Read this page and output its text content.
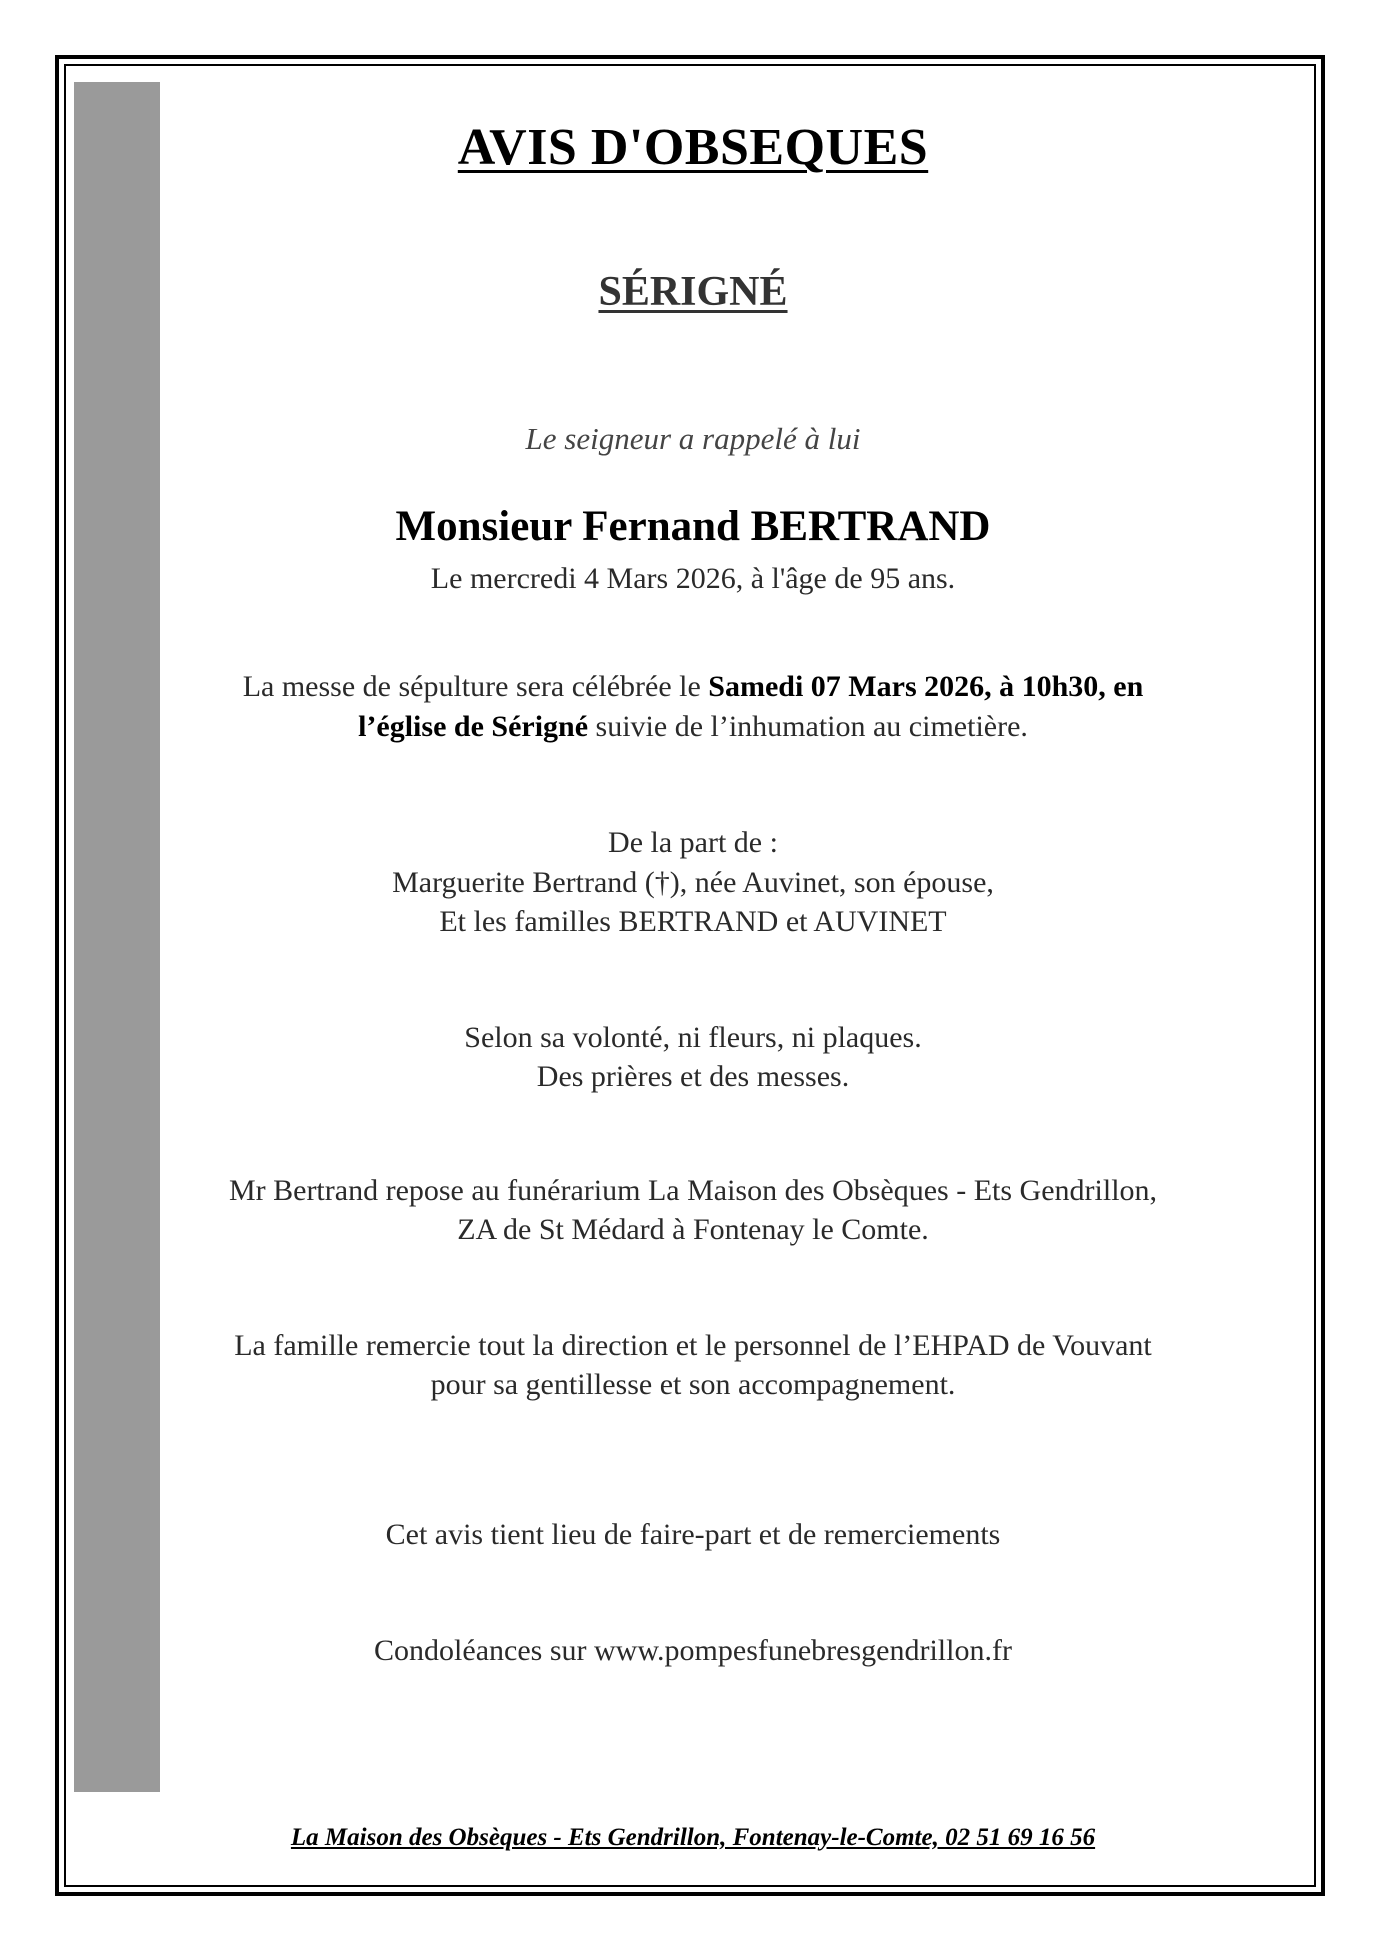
AVIS D'OBSEQUES
SÉRIGNÉ
Le seigneur a rappelé à lui
Monsieur Fernand BERTRAND
Le mercredi 4 Mars 2026, à l'âge de 95 ans.
La messe de sépulture sera célébrée le Samedi 07 Mars 2026, à 10h30, en
l’église de Sérigné suivie de l’inhumation au cimetière.
De la part de :
Marguerite Bertrand (†), née Auvinet, son épouse,
Et les familles BERTRAND et AUVINET
Selon sa volonté, ni fleurs, ni plaques.
Des prières et des messes.
Mr Bertrand repose au funérarium La Maison des Obsèques - Ets Gendrillon,
ZA de St Médard à Fontenay le Comte.
La famille remercie tout la direction et le personnel de l’EHPAD de Vouvant
pour sa gentillesse et son accompagnement.
Cet avis tient lieu de faire-part et de remerciements
Condoléances sur www.pompesfunebresgendrillon.fr
La Maison des Obsèques - Ets Gendrillon, Fontenay-le-Comte, 02 51 69 16 56
